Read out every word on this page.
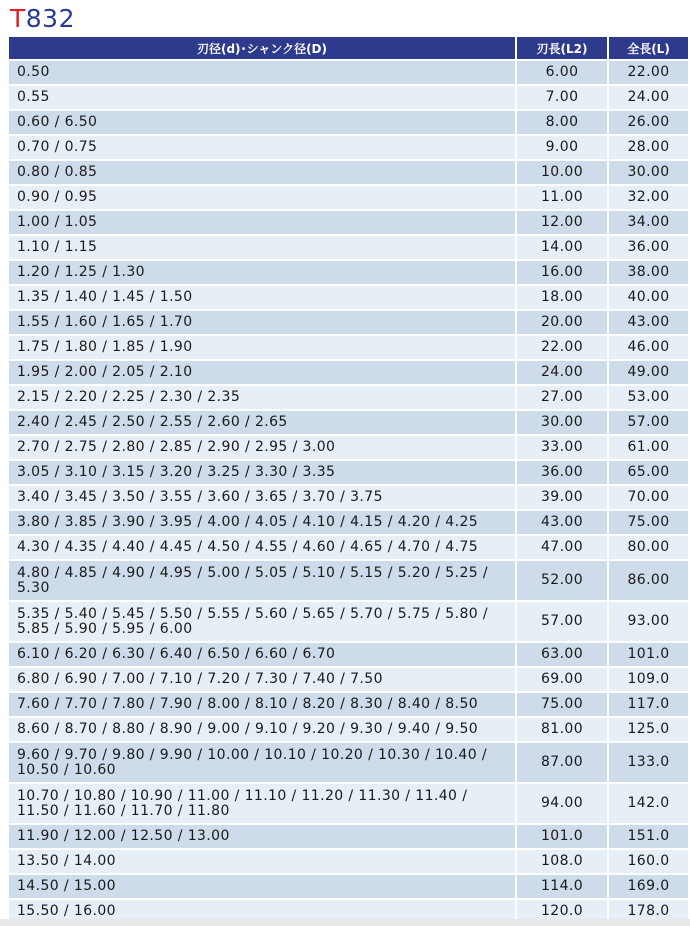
T832
刃径(d)･シャンク径(D)	刃長(L2)	全長(L)
0.50	6.00	22.00
0.55	7.00	24.00
0.60 / 6.50	8.00	26.00
0.70 / 0.75	9.00	28.00
0.80 / 0.85	10.00	30.00
0.90 / 0.95	11.00	32.00
1.00 / 1.05	12.00	34.00
1.10 / 1.15	14.00	36.00
1.20 / 1.25 / 1.30	16.00	38.00
1.35 / 1.40 / 1.45 / 1.50	18.00	40.00
1.55 / 1.60 / 1.65 / 1.70	20.00	43.00
1.75 / 1.80 / 1.85 / 1.90	22.00	46.00
1.95 / 2.00 / 2.05 / 2.10	24.00	49.00
2.15 / 2.20 / 2.25 / 2.30 / 2.35	27.00	53.00
2.40 / 2.45 / 2.50 / 2.55 / 2.60 / 2.65	30.00	57.00
2.70 / 2.75 / 2.80 / 2.85 / 2.90 / 2.95 / 3.00	33.00	61.00
3.05 / 3.10 / 3.15 / 3.20 / 3.25 / 3.30 / 3.35	36.00	65.00
3.40 / 3.45 / 3.50 / 3.55 / 3.60 / 3.65 / 3.70 / 3.75	39.00	70.00
3.80 / 3.85 / 3.90 / 3.95 / 4.00 / 4.05 / 4.10 / 4.15 / 4.20 / 4.25	43.00	75.00
4.30 / 4.35 / 4.40 / 4.45 / 4.50 / 4.55 / 4.60 / 4.65 / 4.70 / 4.75	47.00	80.00
4.80 / 4.85 / 4.90 / 4.95 / 5.00 / 5.05 / 5.10 / 5.15 / 5.20 / 5.25 / 5.30	52.00	86.00
5.35 / 5.40 / 5.45 / 5.50 / 5.55 / 5.60 / 5.65 / 5.70 / 5.75 / 5.80 / 5.85 / 5.90 / 5.95 / 6.00	57.00	93.00
6.10 / 6.20 / 6.30 / 6.40 / 6.50 / 6.60 / 6.70	63.00	101.0
6.80 / 6.90 / 7.00 / 7.10 / 7.20 / 7.30 / 7.40 / 7.50	69.00	109.0
7.60 / 7.70 / 7.80 / 7.90 / 8.00 / 8.10 / 8.20 / 8.30 / 8.40 / 8.50	75.00	117.0
8.60 / 8.70 / 8.80 / 8.90 / 9.00 / 9.10 / 9.20 / 9.30 / 9.40 / 9.50	81.00	125.0
9.60 / 9.70 / 9.80 / 9.90 / 10.00 / 10.10 / 10.20 / 10.30 / 10.40 / 10.50 / 10.60	87.00	133.0
10.70 / 10.80 / 10.90 / 11.00 / 11.10 / 11.20 / 11.30 / 11.40 / 11.50 / 11.60 / 11.70 / 11.80	94.00	142.0
11.90 / 12.00 / 12.50 / 13.00	101.0	151.0
13.50 / 14.00	108.0	160.0
14.50 / 15.00	114.0	169.0
15.50 / 16.00	120.0	178.0
